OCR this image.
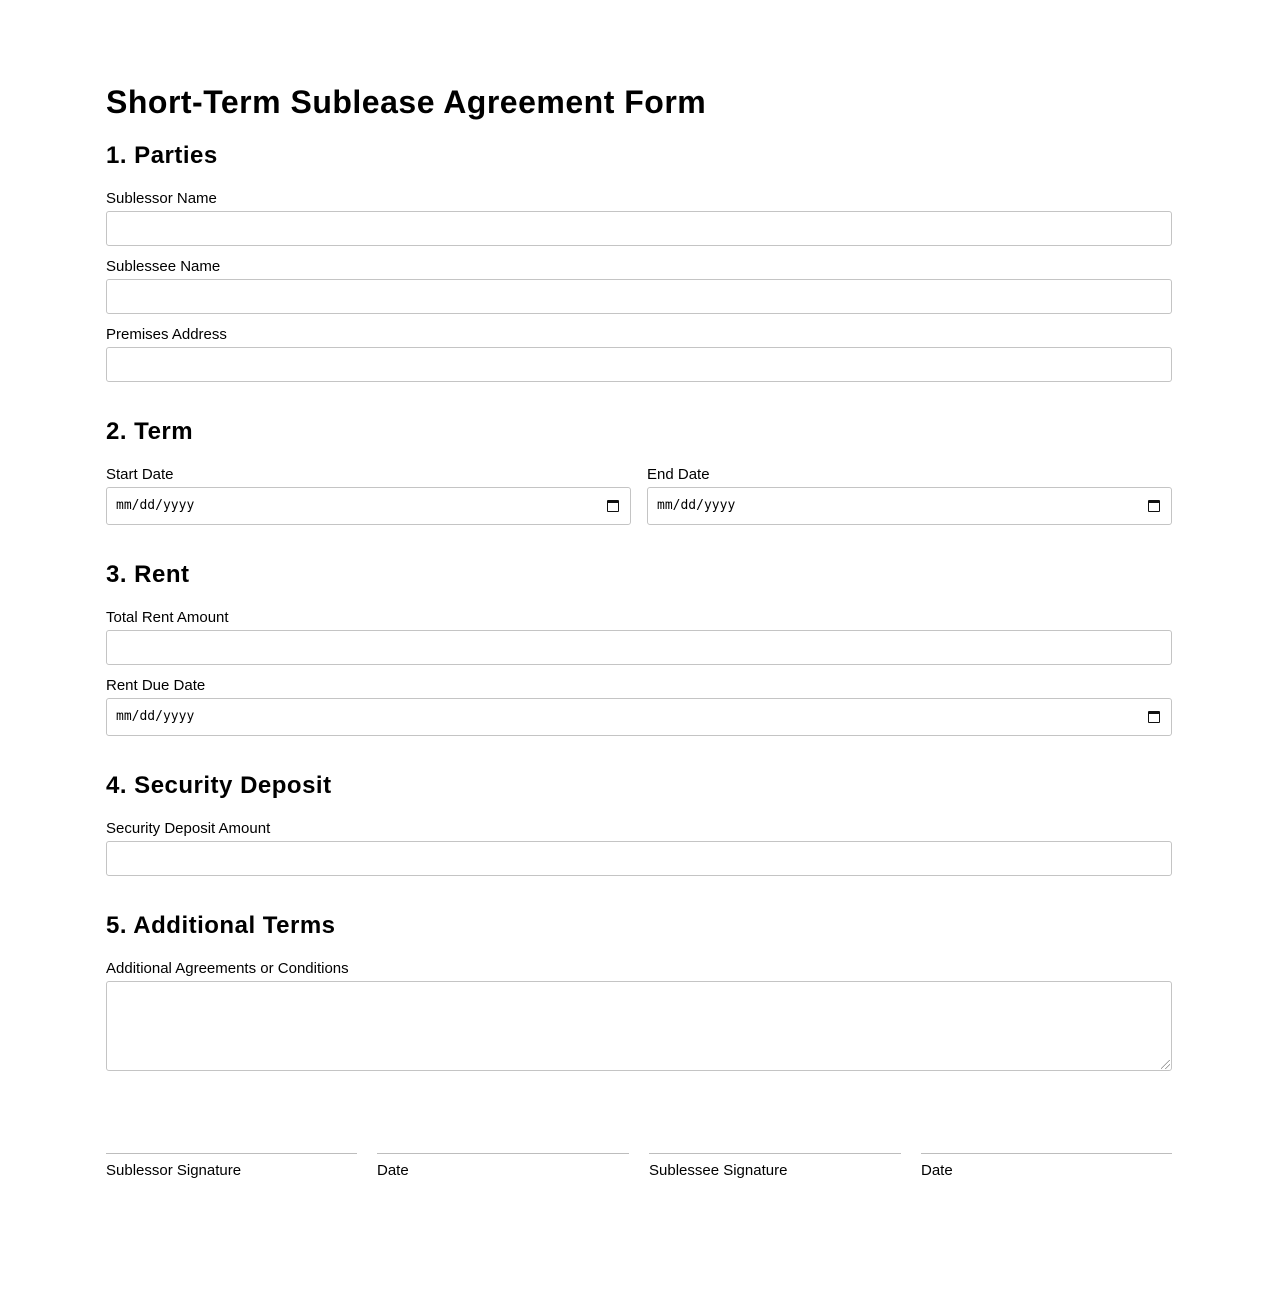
Short-Term Sublease Agreement Form
1. Parties
Sublessor Name
Sublessee Name
Premises Address
2. Term
Start Date
mm/dd/yyyy
End Date
mm/dd/yyyy
3. Rent
Total Rent Amount
Rent Due Date
mm/dd/yyyy
4. Security Deposit
Security Deposit Amount
5. Additional Terms
Additional Agreements or Conditions
Sublessor Signature	Date	Sublessee Signature	Date
